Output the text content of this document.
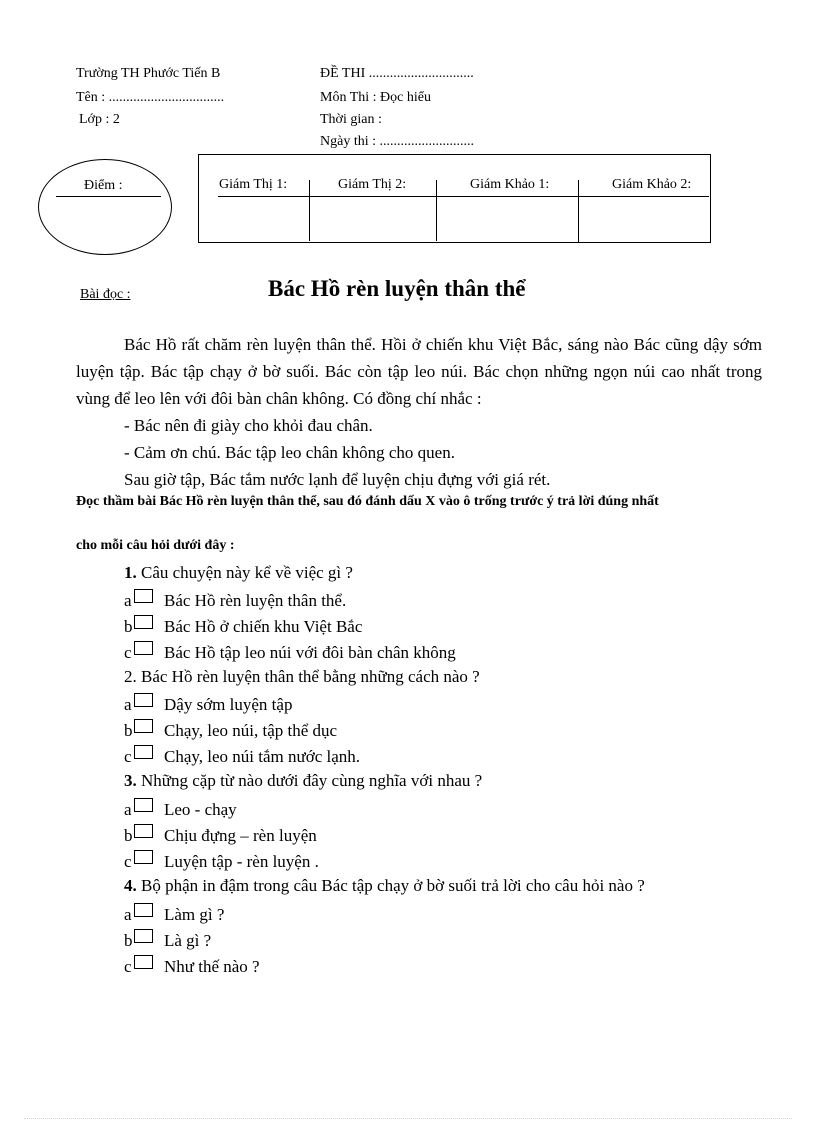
Trường TH Phước Tiến B
Tên : .................................
Lớp : 2
ĐỀ THI ..............................
Môn Thi : Đọc hiểu
Thời gian :
Ngày thi : ...........................
Điểm :	Giám Thị 1:	Giám Thị 2:	Giám Khảo 1:	Giám Khảo 2:
Bài đọc :	Bác Hồ rèn luyện thân thể

Bác Hồ rất chăm rèn luyện thân thể. Hồi ở chiến khu Việt Bắc, sáng nào Bác cũng dậy sớm luyện tập. Bác tập chạy ở bờ suối. Bác còn tập leo núi. Bác chọn những ngọn núi cao nhất trong vùng để leo lên với đôi bàn chân không. Có đồng chí nhắc :

- Bác nên đi giày cho khỏi đau chân.

- Cảm ơn chú. Bác tập leo chân không cho quen.

Sau giờ tập, Bác tắm nước lạnh để luyện chịu đựng với giá rét.

Đọc thầm bài Bác Hồ rèn luyện thân thể, sau đó đánh dấu X vào ô trống trước ý trả lời đúng nhất
cho mỗi câu hỏi dưới đây :
1. Câu chuyện này kể về việc gì ?
a Bác Hồ rèn luyện thân thể.
b Bác Hồ ở chiến khu Việt Bắc
c Bác Hồ tập leo núi với đôi bàn chân không
2. Bác Hồ rèn luyện thân thể bằng những cách nào ?
a Dậy sớm luyện tập
b Chạy, leo núi, tập thể dục
c Chạy, leo núi tắm nước lạnh.
3. Những cặp từ nào dưới đây cùng nghĩa với nhau ?
a Leo - chạy
b Chịu đựng – rèn luyện
cLuyện tập - rèn luyện .
4. Bộ phận in đậm trong câu Bác tập chạy ở bờ suối trả lời cho câu hỏi nào ?
a Làm gì ?
b Là gì ?
c Như thế nào ?
